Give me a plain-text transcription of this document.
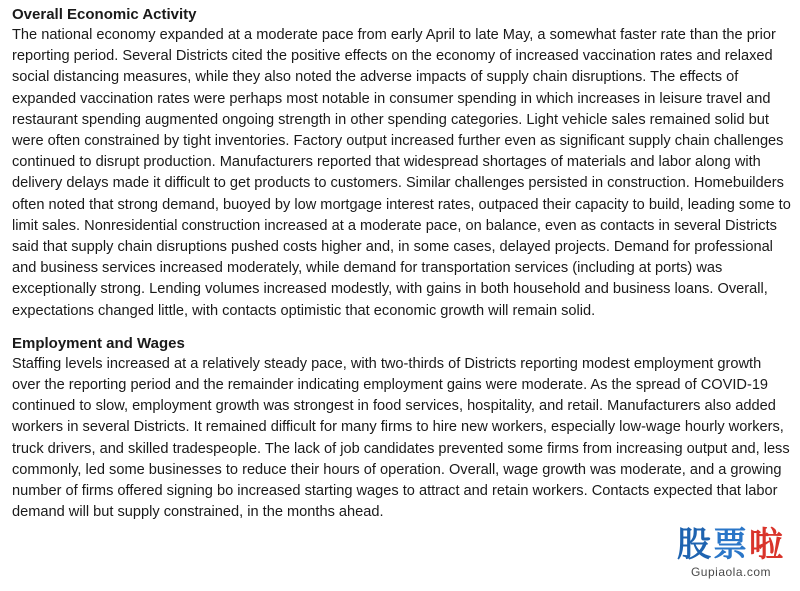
Overall Economic Activity

The national economy expanded at a moderate pace from early April to late May, a somewhat faster rate than the prior reporting period. Several Districts cited the positive effects on the economy of increased vaccination rates and relaxed social distancing measures, while they also noted the adverse impacts of supply chain disruptions. The effects of expanded vaccination rates were perhaps most notable in consumer spending in which increases in leisure travel and restaurant spending augmented ongoing strength in other spending categories. Light vehicle sales remained solid but were often constrained by tight inventories. Factory output increased further even as significant supply chain challenges continued to disrupt production. Manufacturers reported that widespread shortages of materials and labor along with delivery delays made it difficult to get products to customers. Similar challenges persisted in construction. Homebuilders often noted that strong demand, buoyed by low mortgage interest rates, outpaced their capacity to build, leading some to limit sales. Nonresidential construction increased at a moderate pace, on balance, even as contacts in several Districts said that supply chain disruptions pushed costs higher and, in some cases, delayed projects. Demand for professional and business services increased moderately, while demand for transportation services (including at ports) was exceptionally strong. Lending volumes increased modestly, with gains in both household and business loans. Overall, expectations changed little, with contacts optimistic that economic growth will remain solid.

Employment and Wages

Staffing levels increased at a relatively steady pace, with two-thirds of Districts reporting modest employment growth over the reporting period and the remainder indicating employment gains were moderate. As the spread of COVID-19 continued to slow, employment growth was strongest in food services, hospitality, and retail. Manufacturers also added workers in several Districts. It remained difficult for many firms to hire new workers, especially low-wage hourly workers, truck drivers, and skilled tradespeople. The lack of job candidates prevented some firms from increasing output and, less commonly, led some businesses to reduce their hours of operation. Overall, wage growth was moderate, and a growing number of firms offered signing bo increased starting wages to attract and retain workers. Contacts expected that labor demand will but supply constrained, in the months ahead.

股票啦
Gupiaola.com
